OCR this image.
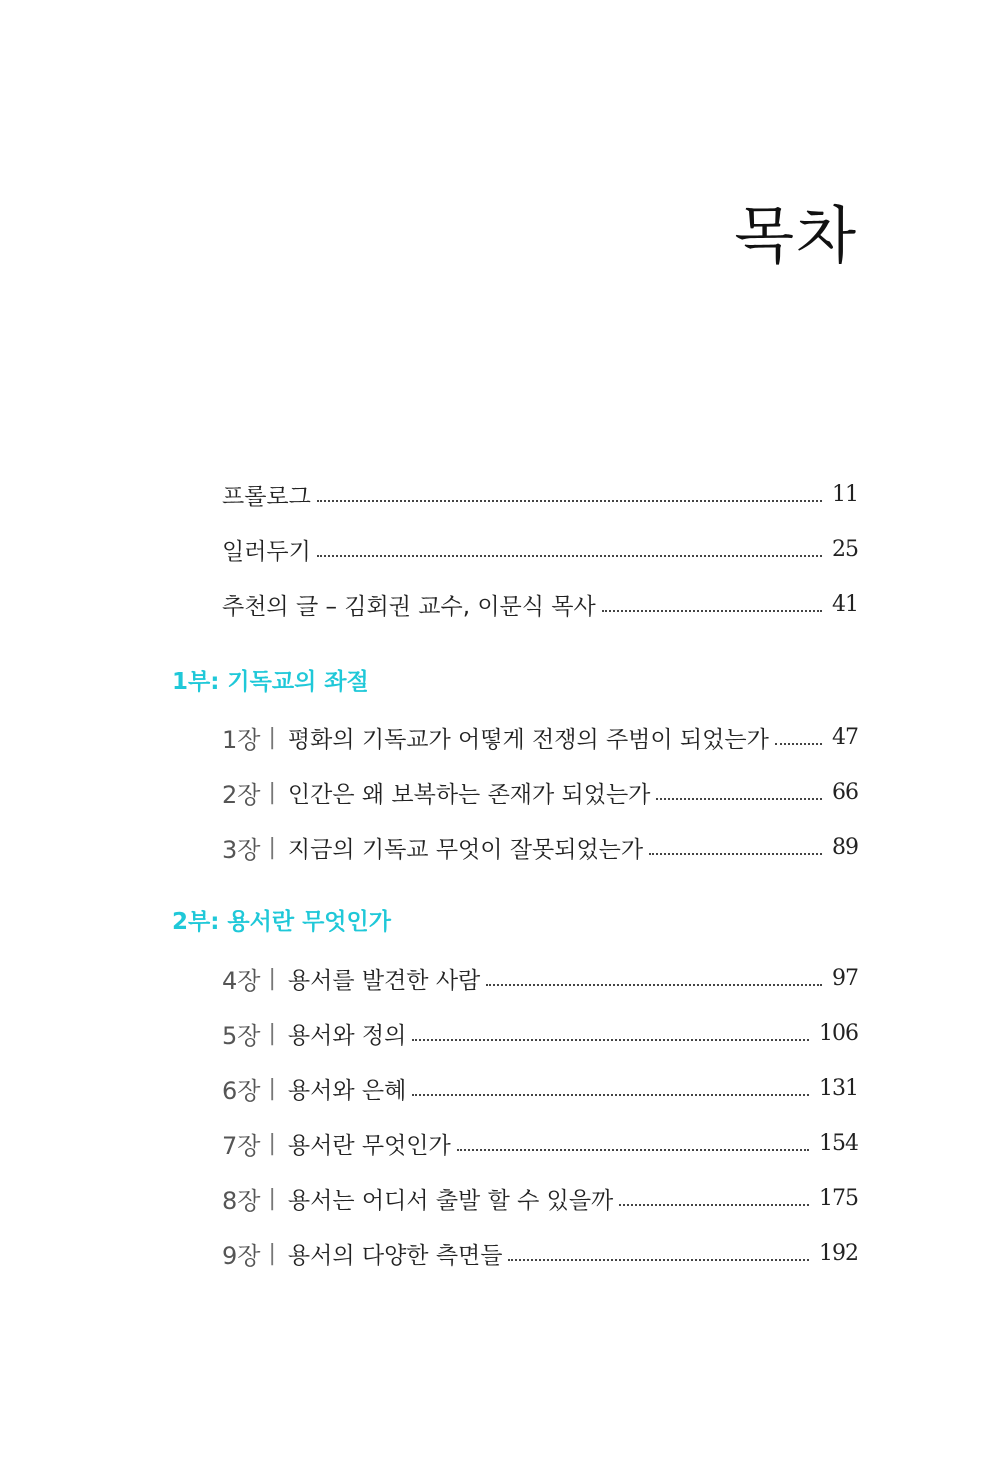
목차
프롤로그	11
일러두기	25
추천의 글 – 김회권 교수, 이문식 목사	41
1부: 기독교의 좌절
1장 | 평화의 기독교가 어떻게 전쟁의 주범이 되었는가	47
2장 | 인간은 왜 보복하는 존재가 되었는가	66
3장 | 지금의 기독교 무엇이 잘못되었는가	89
2부: 용서란 무엇인가
4장 | 용서를 발견한 사람	97
5장 | 용서와 정의	106
6장 | 용서와 은혜	131
7장 | 용서란 무엇인가	154
8장 | 용서는 어디서 출발 할 수 있을까	175
9장 | 용서의 다양한 측면들	192
